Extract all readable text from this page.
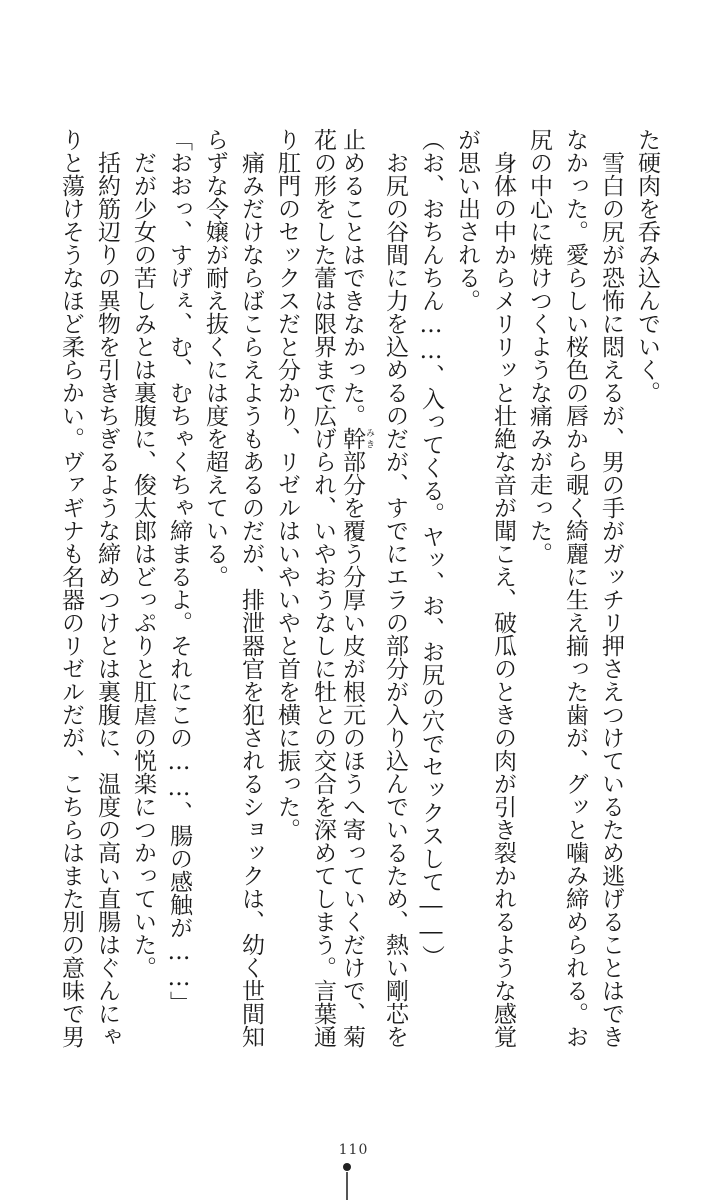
た硬肉を呑み込んでいく。
　雪白の尻が恐怖に悶えるが、男の手がガッチリ押さえつけているため逃げることはでき
なかった。愛らしい桜色の唇から覗く綺麗に生え揃った歯が、グッと噛み締められる。お
尻の中心に焼けつくような痛みが走った。
　身体の中からメリリッと壮絶な音が聞こえ、破瓜のときの肉が引き裂かれるような感覚
が思い出される。
（お、おちんちん……、入ってくる。ヤッ、お、お尻の穴でセックスして――）
　お尻の谷間に力を込めるのだが、すでにエラの部分が入り込んでいるため、熱い剛芯を
止めることはできなかった。幹 みき部分を覆う分厚い皮が根元のほうへ寄っていくだけで、菊
花の形をした蕾は限界まで広げられ、いやおうなしに牡との交合を深めてしまう。言葉通
り肛門のセックスだと分かり、リゼルはいやいやと首を横に振った。
　痛みだけならばこらえようもあるのだが、排泄器官を犯されるショックは、幼く世間知
らずな令嬢が耐え抜くには度を超えている。
「おおっ、すげぇ、む、むちゃくちゃ締まるよ。それにこの……、腸の感触が……」
　だが少女の苦しみとは裏腹に、俊太郎はどっぷりと肛虐の悦楽につかっていた。
　括約筋辺りの異物を引きちぎるような締めつけとは裏腹に、温度の高い直腸はぐんにゃ
りと蕩けそうなほど柔らかい。ヴァギナも名器のリゼルだが、こちらはまた別の意味で男
110
